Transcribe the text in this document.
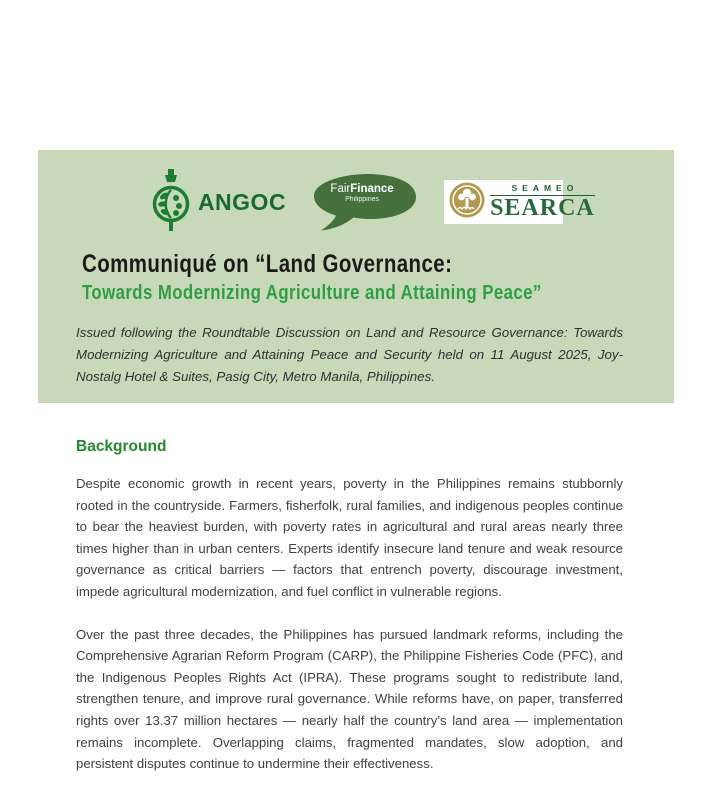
ANGOC	FairFinance
Philippines
SEAMEO
SEARCA
Communiqué on “Land Governance:
Towards Modernizing Agriculture and Attaining Peace”
Issued following the Roundtable Discussion on Land and Resource Governance: Towards Modernizing Agriculture and Attaining Peace and Security held on 11 August 2025, Joy-Nostalg Hotel & Suites, Pasig City, Metro Manila, Philippines.
Background

Despite economic growth in recent years, poverty in the Philippines remains stubbornly rooted in the countryside. Farmers, fisherfolk, rural families, and indigenous peoples continue to bear the heaviest burden, with poverty rates in agricultural and rural areas nearly three times higher than in urban centers. Experts identify insecure land tenure and weak resource governance as critical barriers — factors that entrench poverty, discourage investment, impede agricultural modernization, and fuel conflict in vulnerable regions.

Over the past three decades, the Philippines has pursued landmark reforms, including the Comprehensive Agrarian Reform Program (CARP), the Philippine Fisheries Code (PFC), and the Indigenous Peoples Rights Act (IPRA). These programs sought to redistribute land, strengthen tenure, and improve rural governance. While reforms have, on paper, transferred rights over 13.37 million hectares — nearly half the country’s land area — implementation remains incomplete. Overlapping claims, fragmented mandates, slow adoption, and persistent disputes continue to undermine their effectiveness.
